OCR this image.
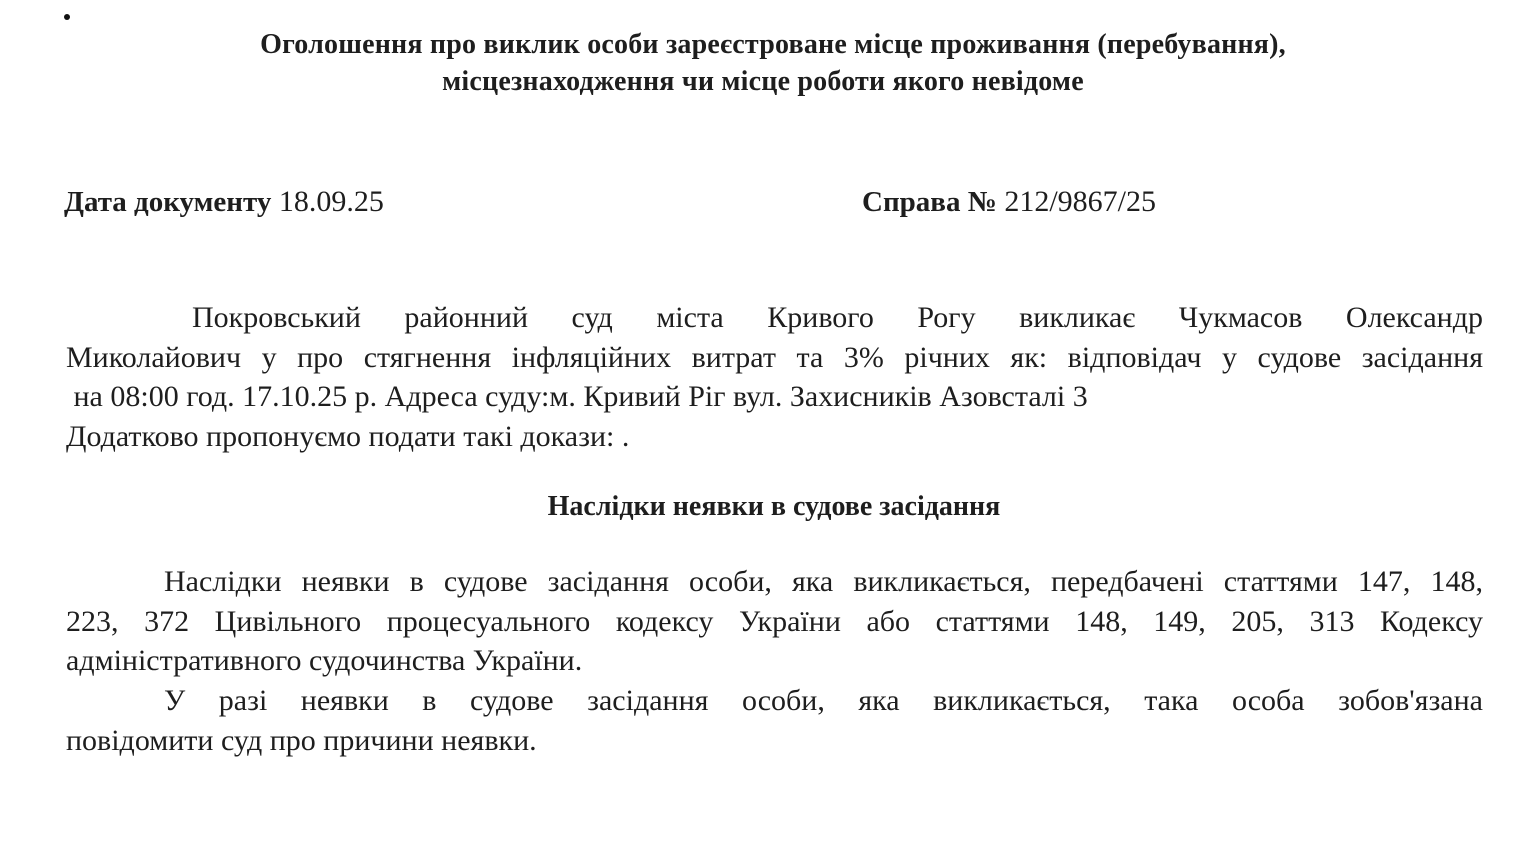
Оголошення про виклик особи зареєстроване місце проживання (перебування),
місцезнаходження чи місце роботи якого невідоме
Дата документу 18.09.25	Справа № 212/9867/25
Покровський районний суд міста Кривого Рогу викликає Чукмасов Олександр
Миколайович у про стягнення інфляційних витрат та 3% річних як: відповідач у судове засідання
на 08:00 год. 17.10.25 р. Адреса суду:м. Кривий Ріг вул. Захисників Азовсталі 3
Додатково пропонуємо подати такі докази: .
Наслідки неявки в судове засідання
Наслідки неявки в судове засідання особи, яка викликається, передбачені статтями 147, 148,
223, 372 Цивільного процесуального кодексу України або статтями 148, 149, 205, 313 Кодексу
адміністративного судочинства України.
У разі неявки в судове засідання особи, яка викликається, така особа зобов'язана
повідомити суд про причини неявки.
